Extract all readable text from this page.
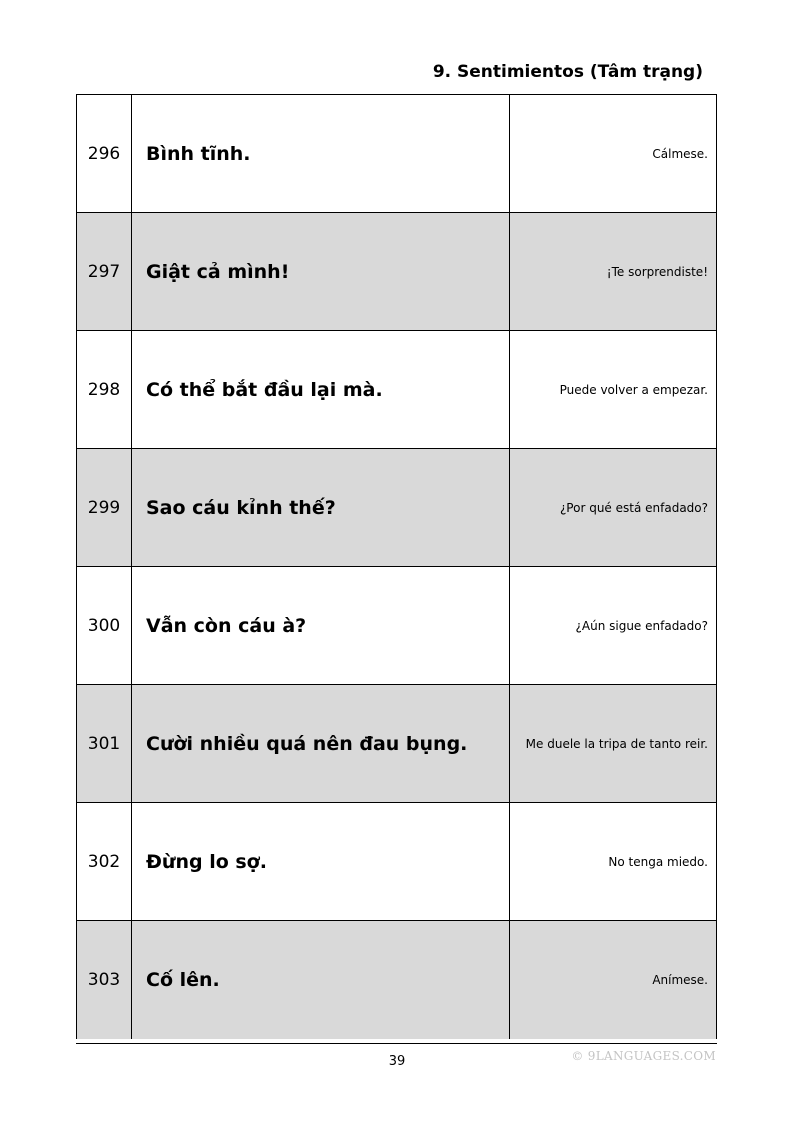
9. Sentimientos (Tâm trạng)
296	Bình tĩnh.	Cálmese.
297	Giật cả mình!	¡Te sorprendiste!
298	Có thể bắt đầu lại mà.	Puede volver a empezar.
299	Sao cáu kỉnh thế?	¿Por qué está enfadado?
300	Vẫn còn cáu à?	¿Aún sigue enfadado?
301	Cười nhiều quá nên đau bụng.	Me duele la tripa de tanto reir.
302	Đừng lo sợ.	No tenga miedo.
303	Cố lên.	Anímese.
39	© 9LANGUAGES.COM
